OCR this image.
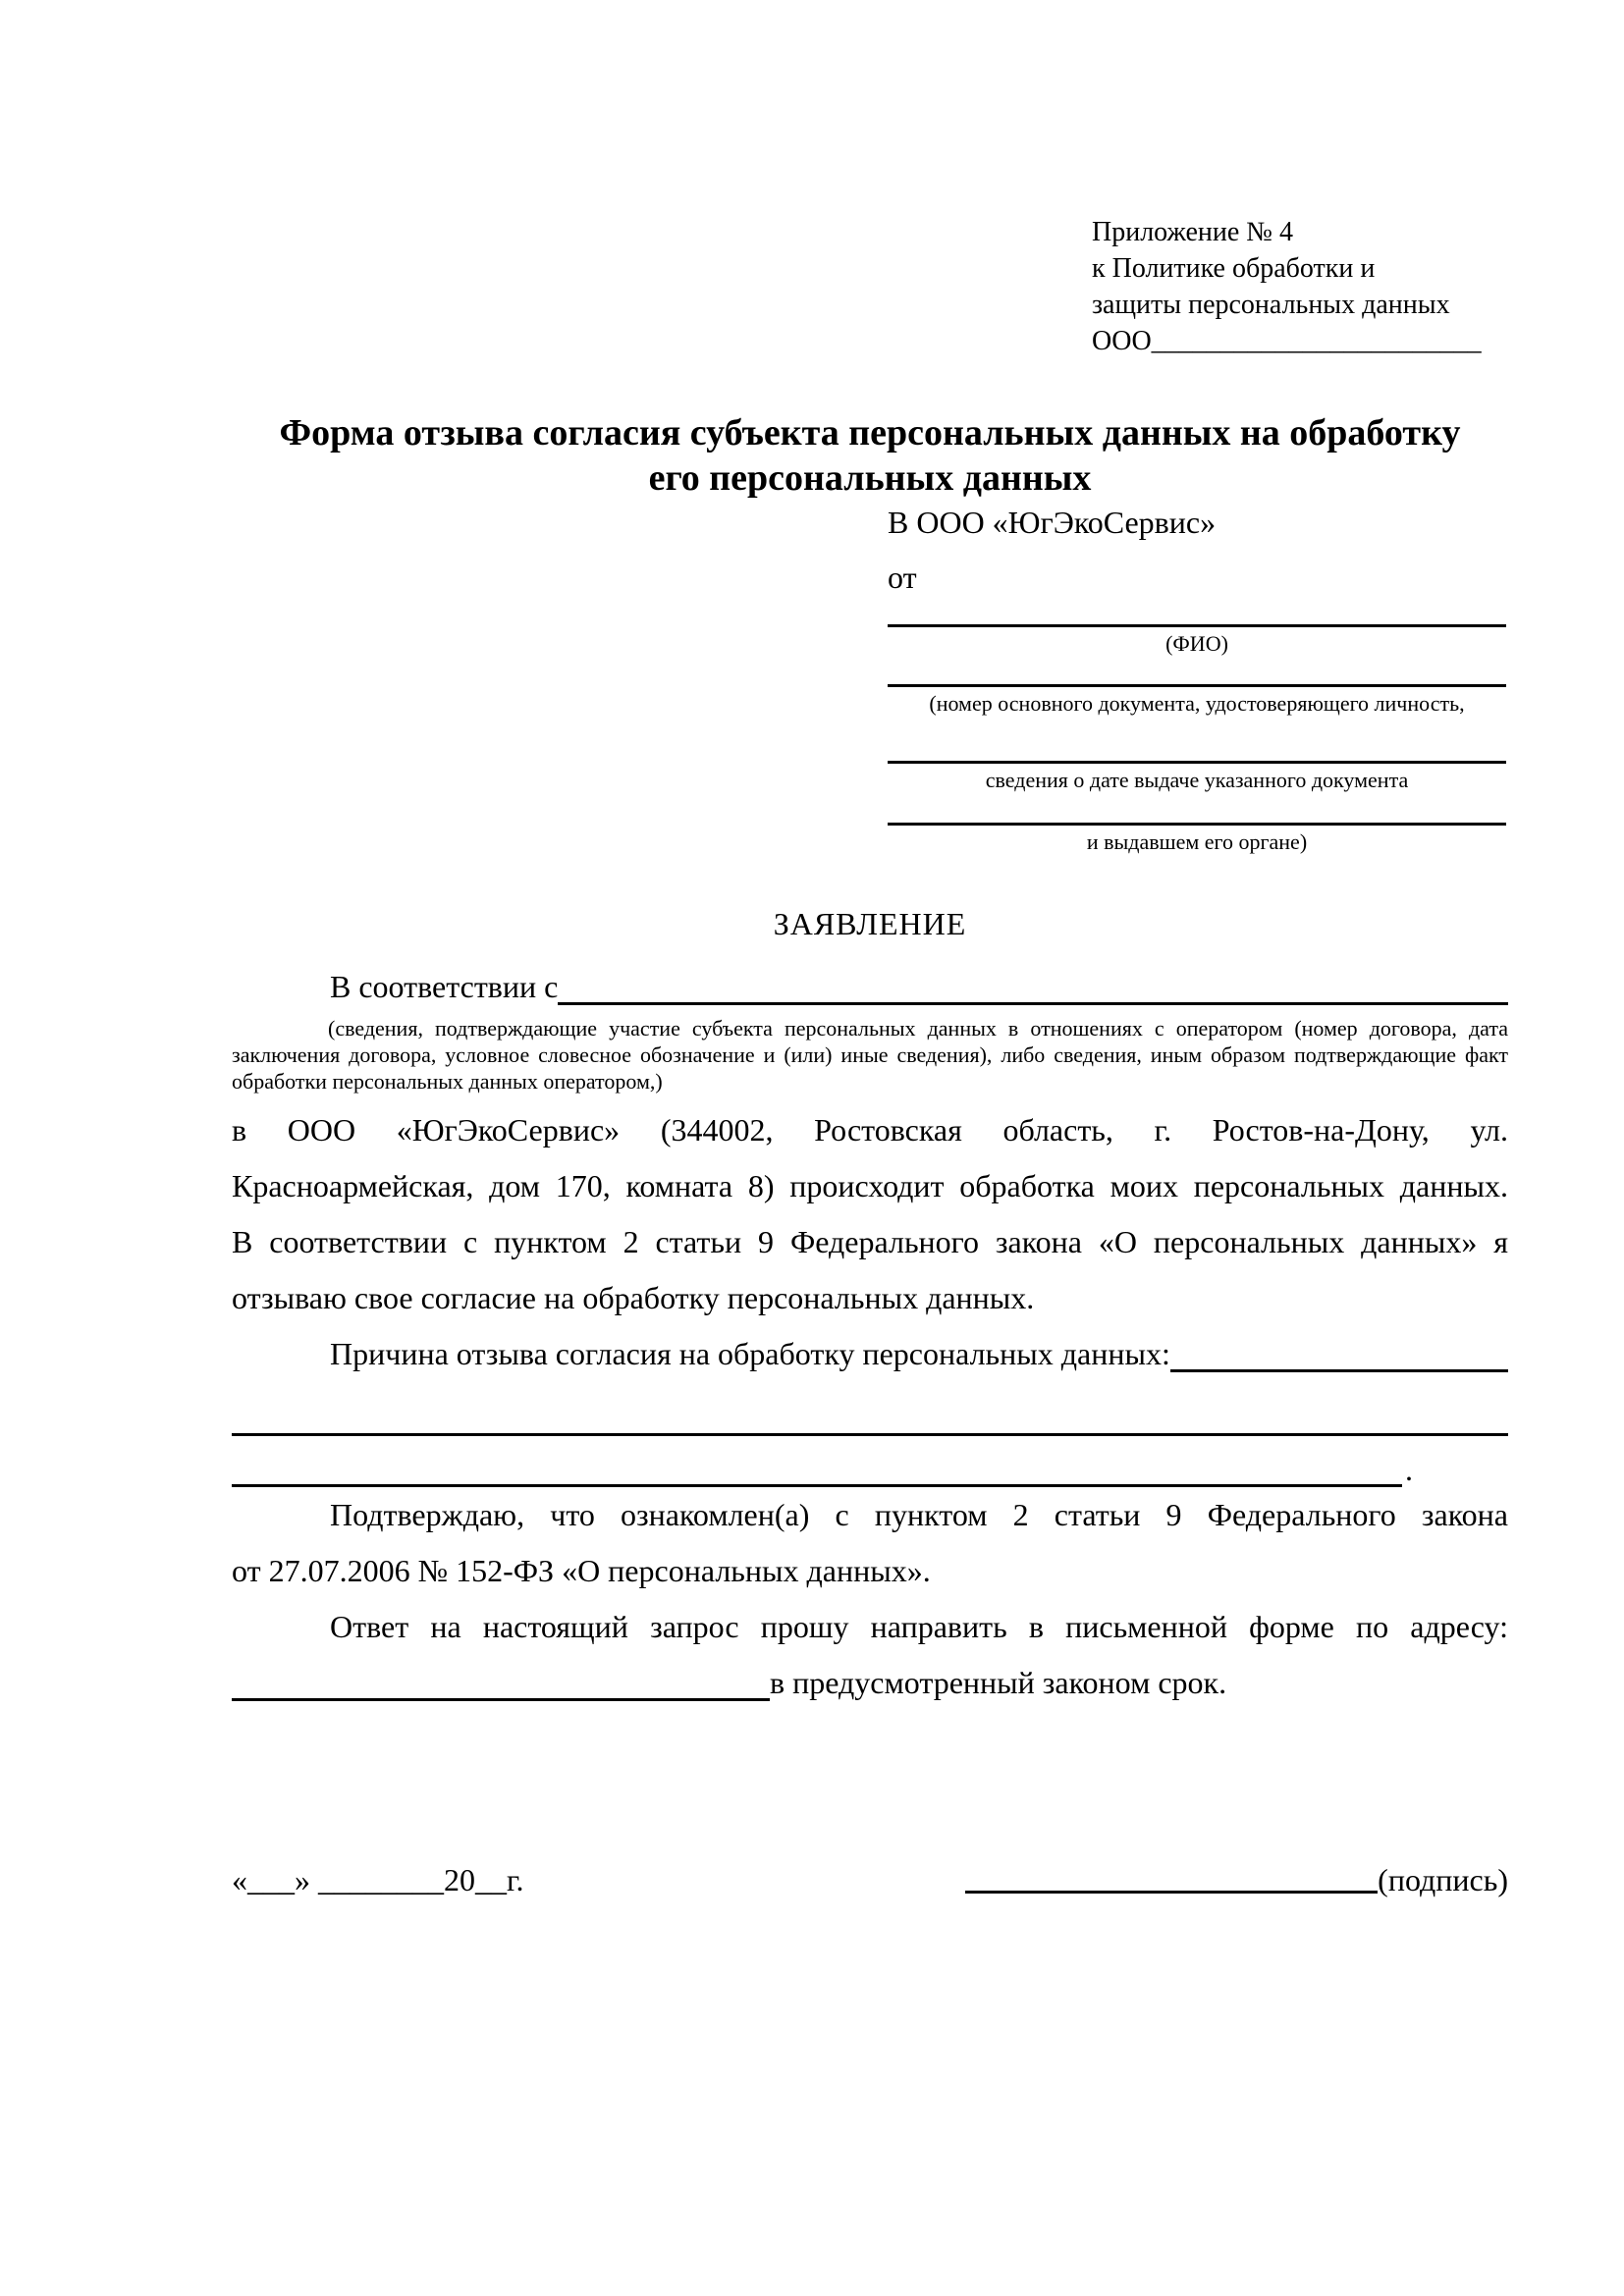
Приложение № 4
к Политике обработки и
защиты персональных данных
ООО________________________
Форма отзыва согласия субъекта персональных данных на обработку
его персональных данных
В ООО «ЮгЭкоСервис»
от
(ФИО)
(номер основного документа, удостоверяющего личность,
сведения о дате выдаче указанного документа
и выдавшем его органе)
ЗАЯВЛЕНИЕ
В соответствии с
(сведения, подтверждающие участие субъекта персональных данных в отношениях с оператором (номер договора, дата
заключения договора, условное словесное обозначение и (или) иные сведения), либо сведения, иным образом подтверждающие факт
обработки персональных данных оператором,)
в ООО «ЮгЭкоСервис» (344002, Ростовская область, г. Ростов-на-Дону, ул.
Красноармейская, дом 170, комната 8) происходит обработка моих персональных данных.
В соответствии с пунктом 2 статьи 9 Федерального закона «О персональных данных» я
отзываю свое согласие на обработку персональных данных.
Причина отзыва согласия на обработку персональных данных:
.
Подтверждаю, что ознакомлен(а) с пунктом 2 статьи 9 Федерального закона
от 27.07.2006 № 152-ФЗ «О персональных данных».
Ответ на настоящий запрос прошу направить в письменной форме по адресу:
в предусмотренный законом срок.
«___» ________20__г.	(подпись)
